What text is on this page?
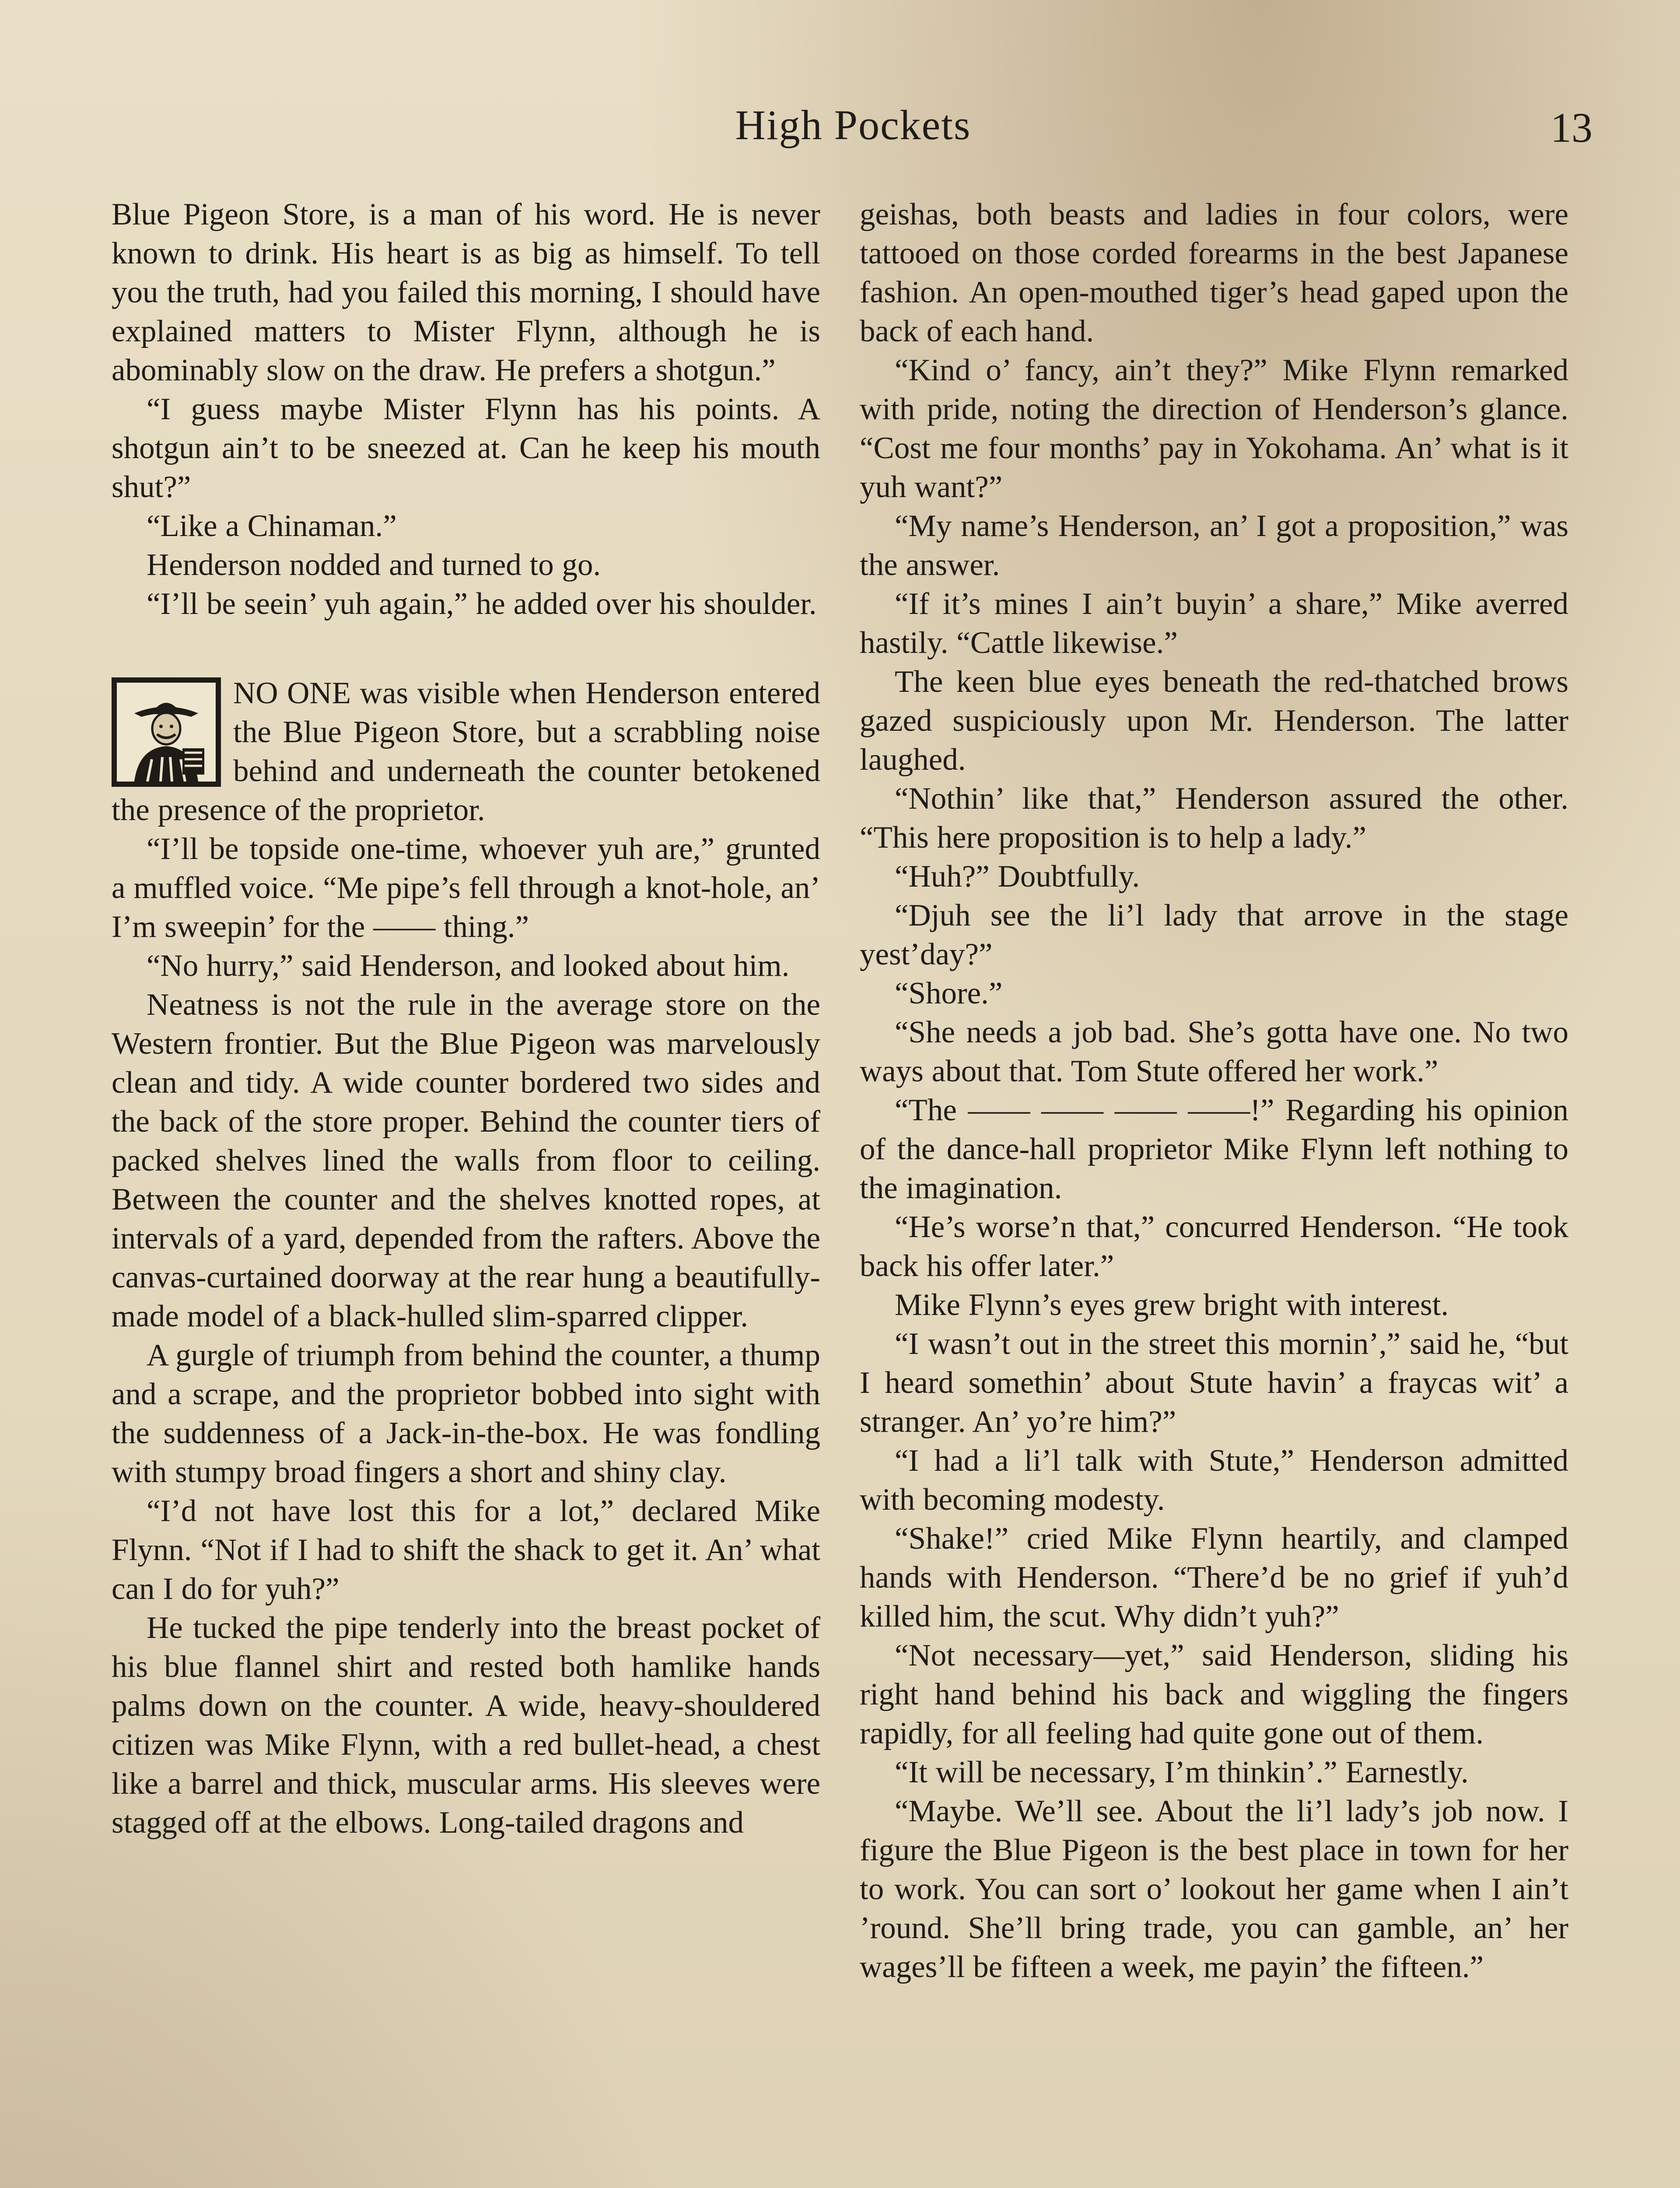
High Pockets	13

Blue Pigeon Store, is a man of his word. He is never known to drink. His heart is as big as himself. To tell you the truth, had you failed this morning, I should have explained matters to Mister Flynn, although he is abominably slow on the draw. He prefers a shotgun.”

“I guess maybe Mister Flynn has his points. A shotgun ain’t to be sneezed at. Can he keep his mouth shut?”

“Like a Chinaman.”

Henderson nodded and turned to go.

“I’ll be seein’ yuh again,” he added over his shoulder.

NO ONE was visible when Henderson entered the Blue Pigeon Store, but a scrabbling noise behind and underneath the counter betokened the presence of the proprietor.

“I’ll be topside one-time, whoever yuh are,” grunted a muffled voice. “Me pipe’s fell through a knot-hole, an’ I’m sweepin’ for the —— thing.”

“No hurry,” said Henderson, and looked about him.

Neatness is not the rule in the average store on the Western frontier. But the Blue Pigeon was marvelously clean and tidy. A wide counter bordered two sides and the back of the store proper. Behind the counter tiers of packed shelves lined the walls from floor to ceiling. Between the counter and the shelves knotted ropes, at intervals of a yard, depended from the rafters. Above the canvas-curtained doorway at the rear hung a beautifully-made model of a black-hulled slim-sparred clipper.

A gurgle of triumph from behind the counter, a thump and a scrape, and the proprietor bobbed into sight with the suddenness of a Jack-in-the-box. He was fondling with stumpy broad fingers a short and shiny clay.

“I’d not have lost this for a lot,” declared Mike Flynn. “Not if I had to shift the shack to get it. An’ what can I do for yuh?”

He tucked the pipe tenderly into the breast pocket of his blue flannel shirt and rested both hamlike hands palms down on the counter. A wide, heavy-shouldered citizen was Mike Flynn, with a red bullet-head, a chest like a barrel and thick, muscular arms. His sleeves were stagged off at the elbows. Long-tailed dragons and

geishas, both beasts and ladies in four colors, were tattooed on those corded forearms in the best Japanese fashion. An open-mouthed tiger’s head gaped upon the back of each hand.

“Kind o’ fancy, ain’t they?” Mike Flynn remarked with pride, noting the direction of Henderson’s glance. “Cost me four months’ pay in Yokohama. An’ what is it yuh want?”

“My name’s Henderson, an’ I got a proposition,” was the answer.

“If it’s mines I ain’t buyin’ a share,” Mike averred hastily. “Cattle likewise.”

The keen blue eyes beneath the red-thatched brows gazed suspiciously upon Mr. Henderson. The latter laughed.

“Nothin’ like that,” Henderson assured the other. “This here proposition is to help a lady.”

“Huh?” Doubtfully.

“Djuh see the li’l lady that arrove in the stage yest’day?”

“Shore.”

“She needs a job bad. She’s gotta have one. No two ways about that. Tom Stute offered her work.”

“The —— —— —— ——!” Regarding his opinion of the dance-hall proprietor Mike Flynn left nothing to the imagination.

“He’s worse’n that,” concurred Henderson. “He took back his offer later.”

Mike Flynn’s eyes grew bright with interest.

“I wasn’t out in the street this mornin’,” said he, “but I heard somethin’ about Stute havin’ a fraycas wit’ a stranger. An’ yo’re him?”

“I had a li’l talk with Stute,” Henderson admitted with becoming modesty.

“Shake!” cried Mike Flynn heartily, and clamped hands with Henderson. “There’d be no grief if yuh’d killed him, the scut. Why didn’t yuh?”

“Not necessary—yet,” said Henderson, sliding his right hand behind his back and wiggling the fingers rapidly, for all feeling had quite gone out of them.

“It will be necessary, I’m thinkin’.” Earnestly.

“Maybe. We’ll see. About the li’l lady’s job now. I figure the Blue Pigeon is the best place in town for her to work. You can sort o’ lookout her game when I ain’t ’round. She’ll bring trade, you can gamble, an’ her wages’ll be fifteen a week, me payin’ the fifteen.”
